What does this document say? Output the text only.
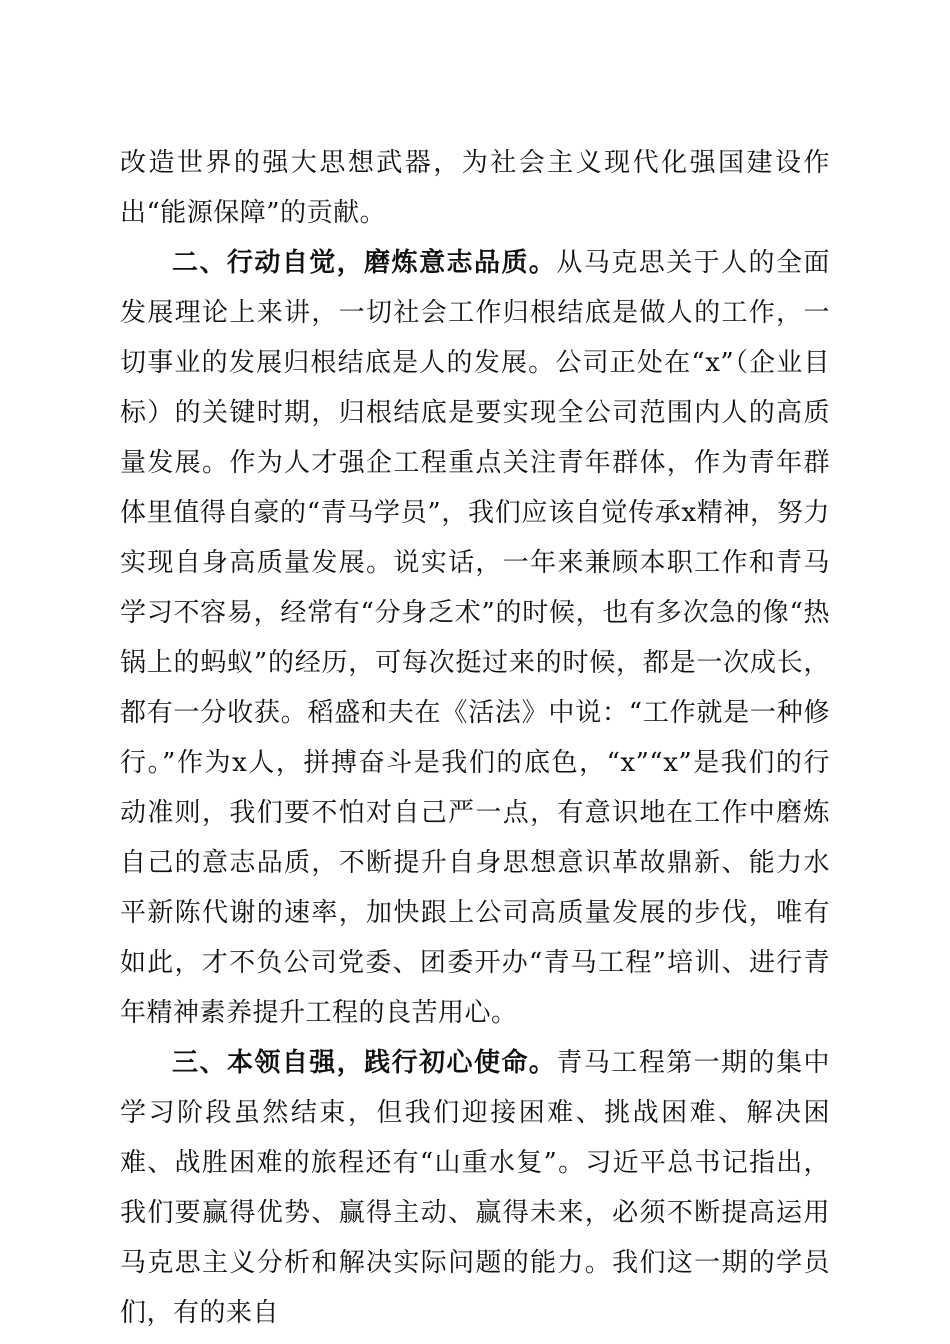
改造世界的强大思想武器，为社会主义现代化强国建设作出“能源保障”的贡献。

二、行动自觉，磨炼意志品质。从马克思关于人的全面发展理论上来讲，一切社会工作归根结底是做人的工作，一切事业的发展归根结底是人的发展。公司正处在“x”（企业目标）的关键时期，归根结底是要实现全公司范围内人的高质量发展。作为人才强企工程重点关注青年群体，作为青年群体里值得自豪的“青马学员”，我们应该自觉传承x精神，努力实现自身高质量发展。说实话，一年来兼顾本职工作和青马学习不容易，经常有“分身乏术”的时候，也有多次急的像“热锅上的蚂蚁”的经历，可每次挺过来的时候，都是一次成长，都有一分收获。稻盛和夫在《活法》中说：“工作就是一种修行。”作为x人，拼搏奋斗是我们的底色，“x”“x”是我们的行动准则，我们要不怕对自己严一点，有意识地在工作中磨炼自己的意志品质，不断提升自身思想意识革故鼎新、能力水平新陈代谢的速率，加快跟上公司高质量发展的步伐，唯有如此，才不负公司党委、团委开办“青马工程”培训、进行青年精神素养提升工程的良苦用心。

三、本领自强，践行初心使命。青马工程第一期的集中学习阶段虽然结束，但我们迎接困难、挑战困难、解决困难、战胜困难的旅程还有“山重水复”。习近平总书记指出，我们要赢得优势、赢得主动、赢得未来，必须不断提高运用马克思主义分析和解决实际问题的能力。我们这一期的学员们，有的来自
